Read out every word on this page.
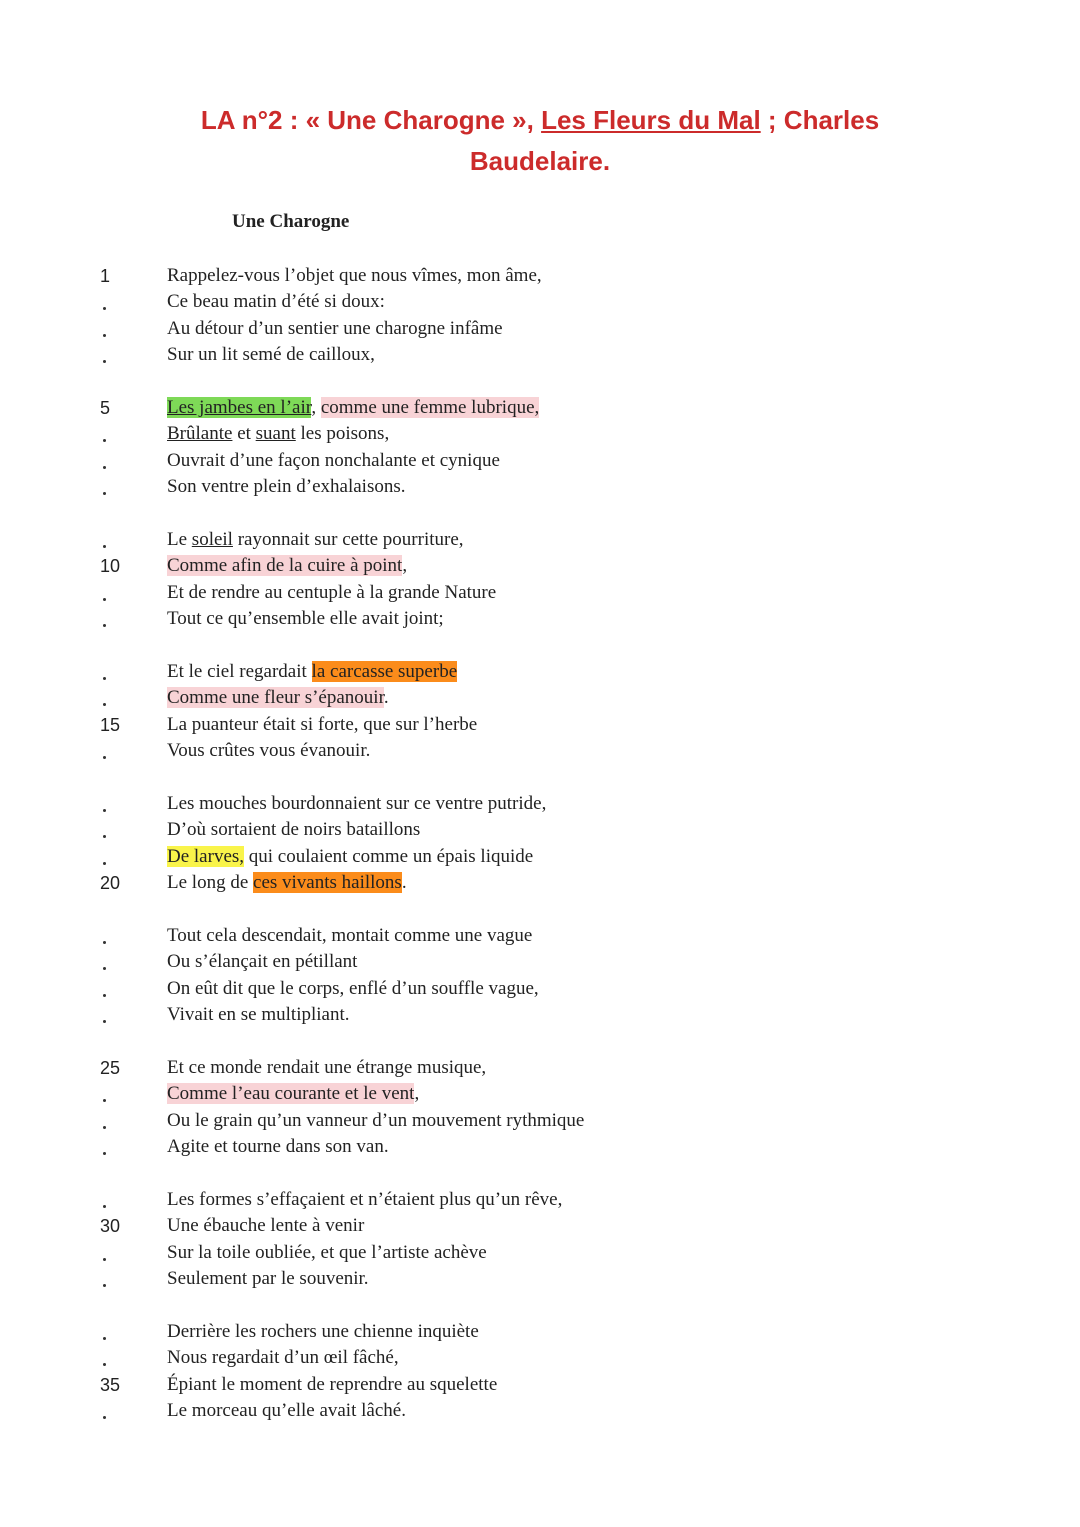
LA n°2 : « Une Charogne », Les Fleurs du Mal ; Charles
Baudelaire.
Une Charogne
1	Rappelez-vous l’objet que nous vîmes, mon âme,
Ce beau matin d’été si doux:
Au détour d’un sentier une charogne infâme
Sur un lit semé de cailloux,
5	Les jambes en l’air, comme une femme lubrique,
Brûlante et suant les poisons,
Ouvrait d’une façon nonchalante et cynique
Son ventre plein d’exhalaisons.
Le soleil rayonnait sur cette pourriture,
10	Comme afin de la cuire à point,
Et de rendre au centuple à la grande Nature
Tout ce qu’ensemble elle avait joint;
Et le ciel regardait la carcasse superbe
Comme une fleur s’épanouir.
15	La puanteur était si forte, que sur l’herbe
Vous crûtes vous évanouir.
Les mouches bourdonnaient sur ce ventre putride,
D’où sortaient de noirs bataillons
De larves, qui coulaient comme un épais liquide
20	Le long de ces vivants haillons.
Tout cela descendait, montait comme une vague
Ou s’élançait en pétillant
On eût dit que le corps, enflé d’un souffle vague,
Vivait en se multipliant.
25	Et ce monde rendait une étrange musique,
Comme l’eau courante et le vent,
Ou le grain qu’un vanneur d’un mouvement rythmique
Agite et tourne dans son van.
Les formes s’effaçaient et n’étaient plus qu’un rêve,
30	Une ébauche lente à venir
Sur la toile oubliée, et que l’artiste achève
Seulement par le souvenir.
Derrière les rochers une chienne inquiète
Nous regardait d’un œil fâché,
35	Épiant le moment de reprendre au squelette
Le morceau qu’elle avait lâché.
